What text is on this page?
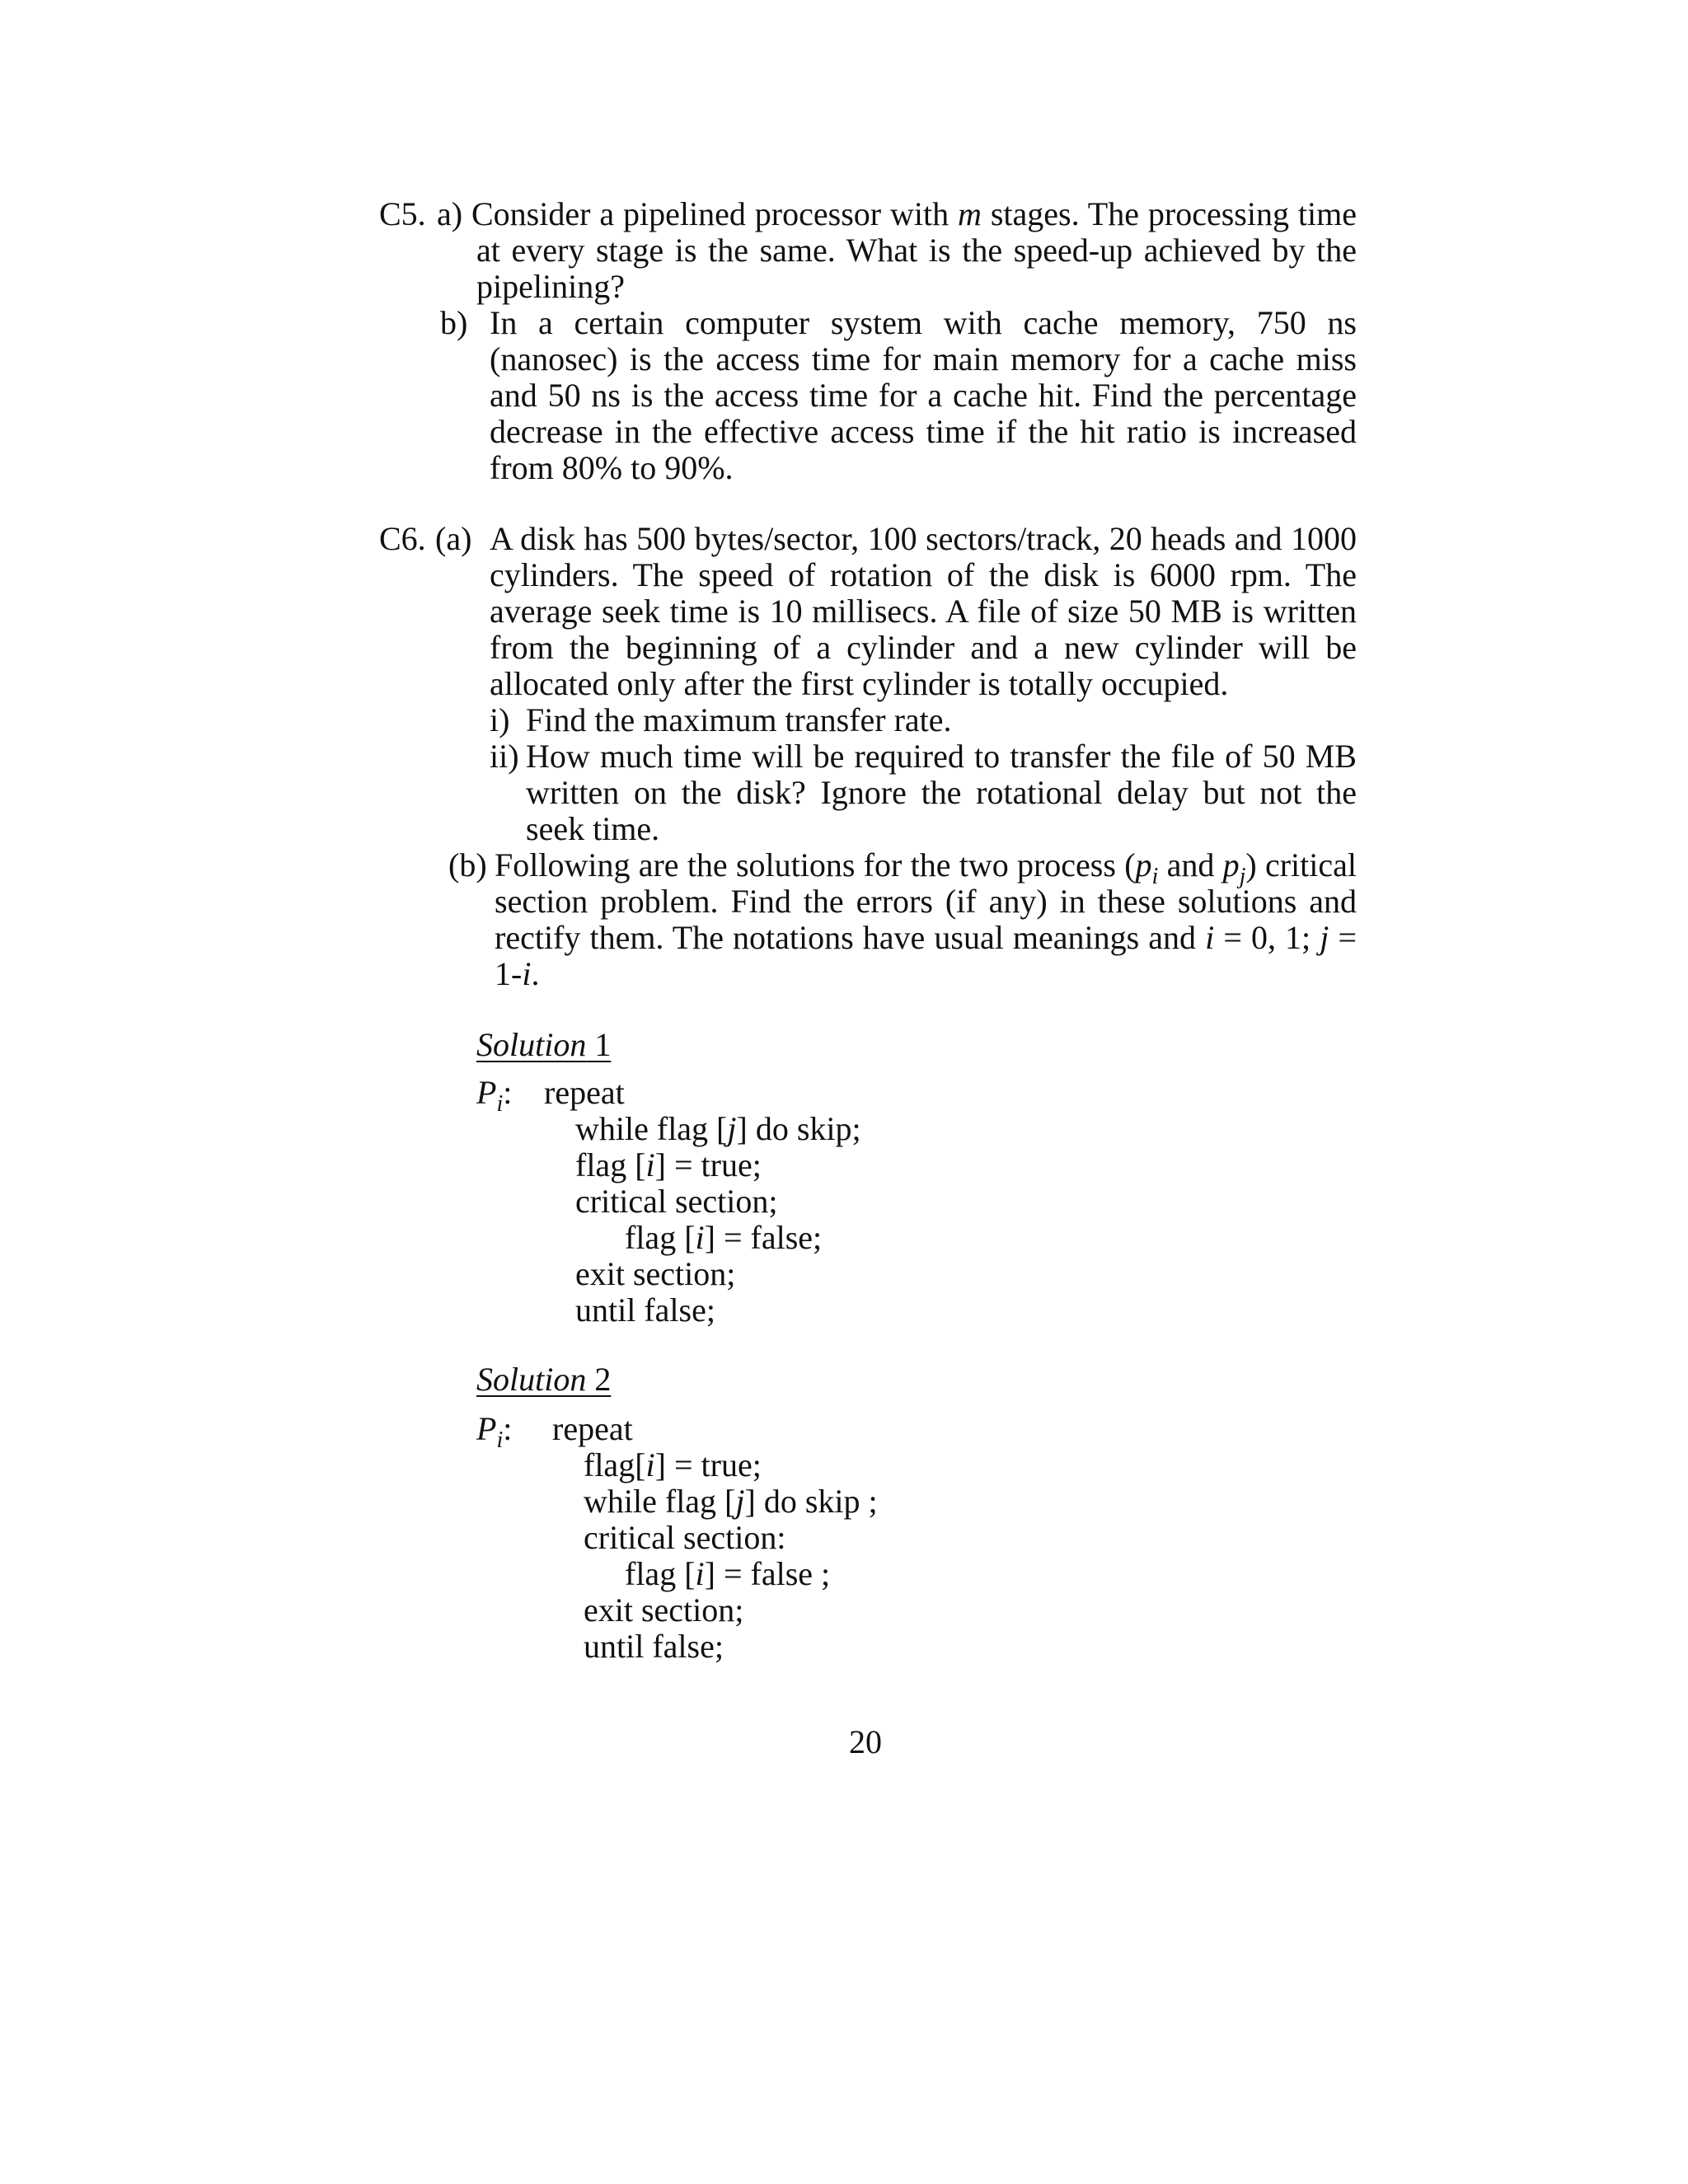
C5. a) Consider a pipelined processor with m stages. The processing time at every stage is the same. What is the speed-up achieved by the pipelining?
b) In a certain computer system with cache memory, 750 ns (nanosec) is the access time for main memory for a cache miss and 50 ns is the access time for a cache hit. Find the percentage decrease in the effective access time if the hit ratio is increased from 80% to 90%.
C6. (a) A disk has 500 bytes/sector, 100 sectors/track, 20 heads and 1000 cylinders. The speed of rotation of the disk is 6000 rpm. The average seek time is 10 millisecs. A file of size 50 MB is written from the beginning of a cylinder and a new cylinder will be allocated only after the first cylinder is totally occupied.
i) Find the maximum transfer rate.
ii) How much time will be required to transfer the file of 50 MB written on the disk? Ignore the rotational delay but not the seek time.
(b) Following are the solutions for the two process ($p_i$ and $p_j$) critical section problem. Find the errors (if any) in these solutions and rectify them. The notations have usual meanings and i = 0, 1; j = 1-i.
Solution 1
$P_i$: repeat
while flag [j] do skip;
flag [i] = true;
critical section;
flag [i] = false;
exit section;
until false;
Solution 2
$P_i$: repeat
flag[i] = true;
while flag [j] do skip ;
critical section:
flag [i] = false ;
exit section;
until false;
20
